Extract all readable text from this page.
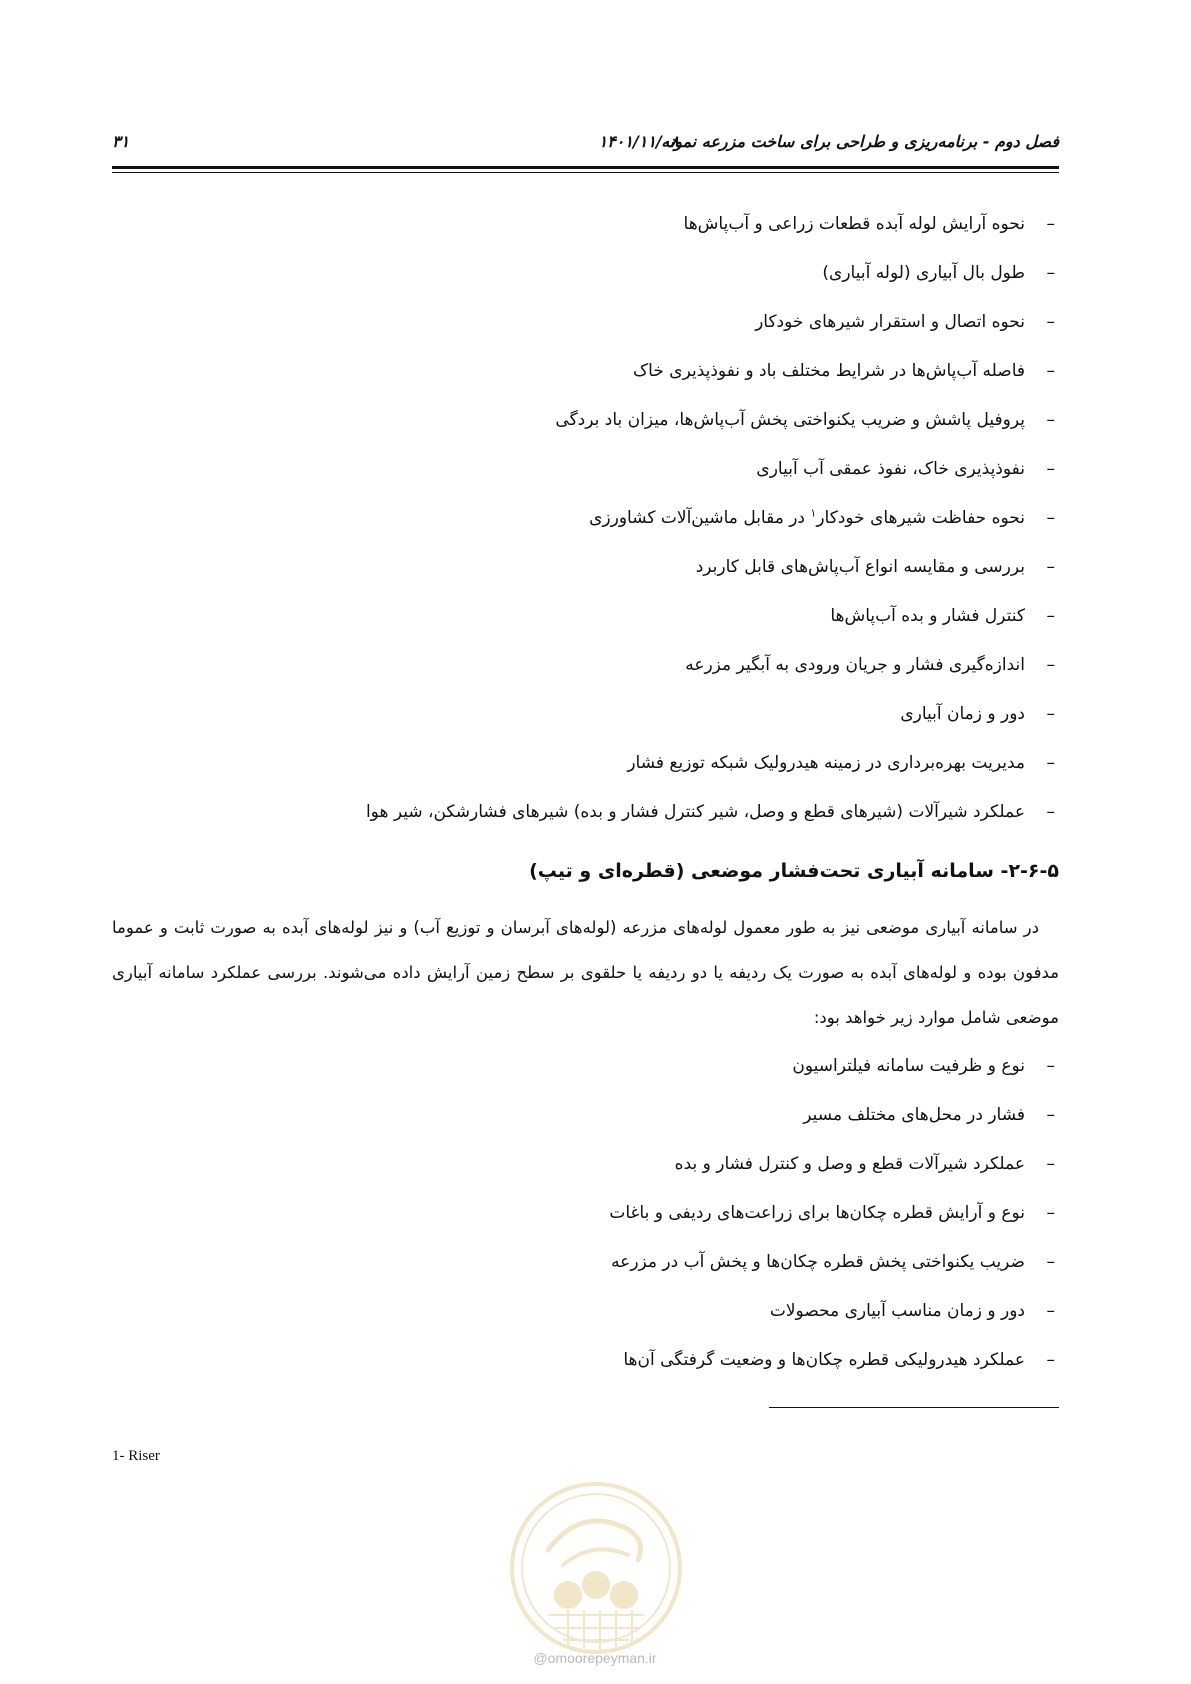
فصل دوم - برنامه‌ریزی و طراحی برای ساخت مزرعه نمونه
۱۴۰۱/۱۱/۰۸
۳۱
–
نحوه آرایش لوله آبده قطعات زراعی و آب‌پاش‌ها
–
طول بال آبیاری (لوله آبیاری)
–
نحوه اتصال و استقرار شیرهای خودکار
–
فاصله آب‌پاش‌ها در شرایط مختلف باد و نفوذپذیری خاک
–
پروفیل پاشش و ضریب یکنواختی پخش آب‌پاش‌ها، میزان باد بردگی
–
نفوذپذیری خاک، نفوذ عمقی آب آبیاری
–
نحوه حفاظت شیرهای خودکار$^۱$ در مقابل ماشین‌آلات کشاورزی
–
بررسی و مقایسه انواع آب‌پاش‌های قابل کاربرد
–
کنترل فشار و بده آب‌پاش‌ها
–
اندازه‌گیری فشار و جریان ورودی به آبگیر مزرعه
–
دور و زمان آبیاری
–
مدیریت بهره‌برداری در زمینه هیدرولیک شبکه توزیع فشار
–
عملکرد شیرآلات (شیرهای قطع و وصل، شیر کنترل فشار و بده) شیرهای فشارشکن، شیر هوا
۲-۶-۵- سامانه آبیاری تحت‌فشار موضعی (قطره‌ای و تیپ)

در سامانه آبیاری موضعی نیز به طور معمول لوله‌های مزرعه (لوله‌های آبرسان و توزیع آب) و نیز لوله‌های آبده به صورت ثابت و عموما مدفون بوده و لوله‌های آبده به صورت یک ردیفه یا دو ردیفه یا حلقوی بر سطح زمین آرایش داده می‌شوند. بررسی عملکرد سامانه آبیاری موضعی شامل موارد زیر خواهد بود:

–
نوع و ظرفیت سامانه فیلتراسیون
–
فشار در محل‌های مختلف مسیر
–
عملکرد شیرآلات قطع و وصل و کنترل فشار و بده
–
نوع و آرایش قطره چکان‌ها برای زراعت‌های ردیفی و باغات
–
ضریب یکنواختی پخش قطره چکان‌ها و پخش آب در مزرعه
–
دور و زمان مناسب آبیاری محصولات
–
عملکرد هیدرولیکی قطره چکان‌ها و وضعیت گرفتگی آن‌ها
1- Riser
@omoorepeyman.ir
